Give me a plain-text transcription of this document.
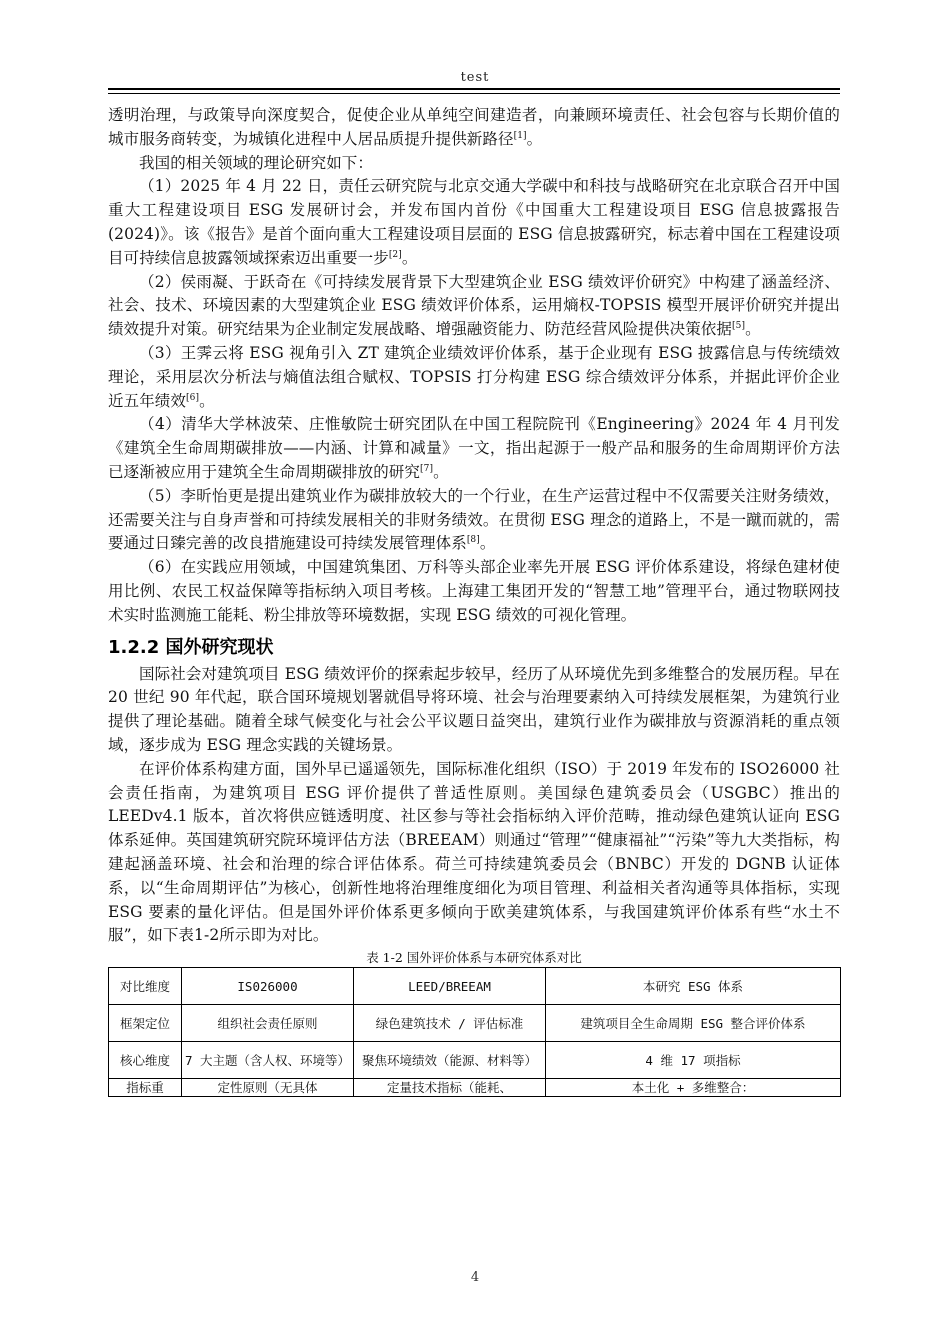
test

透明治理，与政策导向深度契合，促使企业从单纯空间建造者，向兼顾环境责任、社会包容与长期价值的城市服务商转变，为城镇化进程中人居品质提升提供新路径[1]。

我国的相关领域的理论研究如下：

（1）2025 年 4 月 22 日，责任云研究院与北京交通大学碳中和科技与战略研究在北京联合召开中国重大工程建设项目 ESG 发展研讨会，并发布国内首份《中国重大工程建设项目 ESG 信息披露报告(2024)》。该《报告》是首个面向重大工程建设项目层面的 ESG 信息披露研究，标志着中国在工程建设项目可持续信息披露领域探索迈出重要一步[2]。

（2）侯雨凝、于跃奇在《可持续发展背景下大型建筑企业 ESG 绩效评价研究》中构建了涵盖经济、社会、技术、环境因素的大型建筑企业 ESG 绩效评价体系，运用熵权-TOPSIS 模型开展评价研究并提出绩效提升对策。研究结果为企业制定发展战略、增强融资能力、防范经营风险提供决策依据[5]。

（3）王霁云将 ESG 视角引入 ZT 建筑企业绩效评价体系，基于企业现有 ESG 披露信息与传统绩效理论，采用层次分析法与熵值法组合赋权、TOPSIS 打分构建 ESG 综合绩效评分体系，并据此评价企业近五年绩效[6]。

（4）清华大学林波荣、庄惟敏院士研究团队在中国工程院院刊《Engineering》2024 年 4 月刊发《建筑全生命周期碳排放——内涵、计算和减量》一文，指出起源于一般产品和服务的生命周期评价方法已逐渐被应用于建筑全生命周期碳排放的研究[7]。

（5）李昕怡更是提出建筑业作为碳排放较大的一个行业，在生产运营过程中不仅需要关注财务绩效，还需要关注与自身声誉和可持续发展相关的非财务绩效。在贯彻 ESG 理念的道路上，不是一蹴而就的，需要通过日臻完善的改良措施建设可持续发展管理体系[8]。

（6）在实践应用领域，中国建筑集团、万科等头部企业率先开展 ESG 评价体系建设，将绿色建材使用比例、农民工权益保障等指标纳入项目考核。上海建工集团开发的“智慧工地”管理平台，通过物联网技术实时监测施工能耗、粉尘排放等环境数据，实现 ESG 绩效的可视化管理。

1.2.2 国外研究现状

国际社会对建筑项目 ESG 绩效评价的探索起步较早，经历了从环境优先到多维整合的发展历程。早在 20 世纪 90 年代起，联合国环境规划署就倡导将环境、社会与治理要素纳入可持续发展框架，为建筑行业提供了理论基础。随着全球气候变化与社会公平议题日益突出，建筑行业作为碳排放与资源消耗的重点领域，逐步成为 ESG 理念实践的关键场景。

在评价体系构建方面，国外早已遥遥领先，国际标准化组织（ISO）于 2019 年发布的 ISO26000 社会责任指南，为建筑项目 ESG 评价提供了普适性原则。美国绿色建筑委员会（USGBC）推出的 LEEDv4.1 版本，首次将供应链透明度、社区参与等社会指标纳入评价范畴，推动绿色建筑认证向 ESG 体系延伸。英国建筑研究院环境评估方法（BREEAM）则通过“管理”“健康福祉”“污染”等九大类指标，构建起涵盖环境、社会和治理的综合评估体系。荷兰可持续建筑委员会（BNBC）开发的 DGNB 认证体系，以“生命周期评估”为核心，创新性地将治理维度细化为项目管理、利益相关者沟通等具体指标，实现 ESG 要素的量化评估。但是国外评价体系更多倾向于欧美建筑体系，与我国建筑评价体系有些“水土不服”，如下表1-2所示即为对比。

表 1-2 国外评价体系与本研究体系对比
对比维度	IS026000	LEED/BREEAM	本研究 ESG 体系
框架定位	组织社会责任原则	绿色建筑技术 / 评估标准	建筑项目全生命周期 ESG 整合评价体系
核心维度	7 大主题（含人权、环境等）	聚焦环境绩效（能源、材料等）	4 维 17 项指标
指标重	定性原则（无具体	定量技术指标（能耗、	本土化 + 多维整合：
4
